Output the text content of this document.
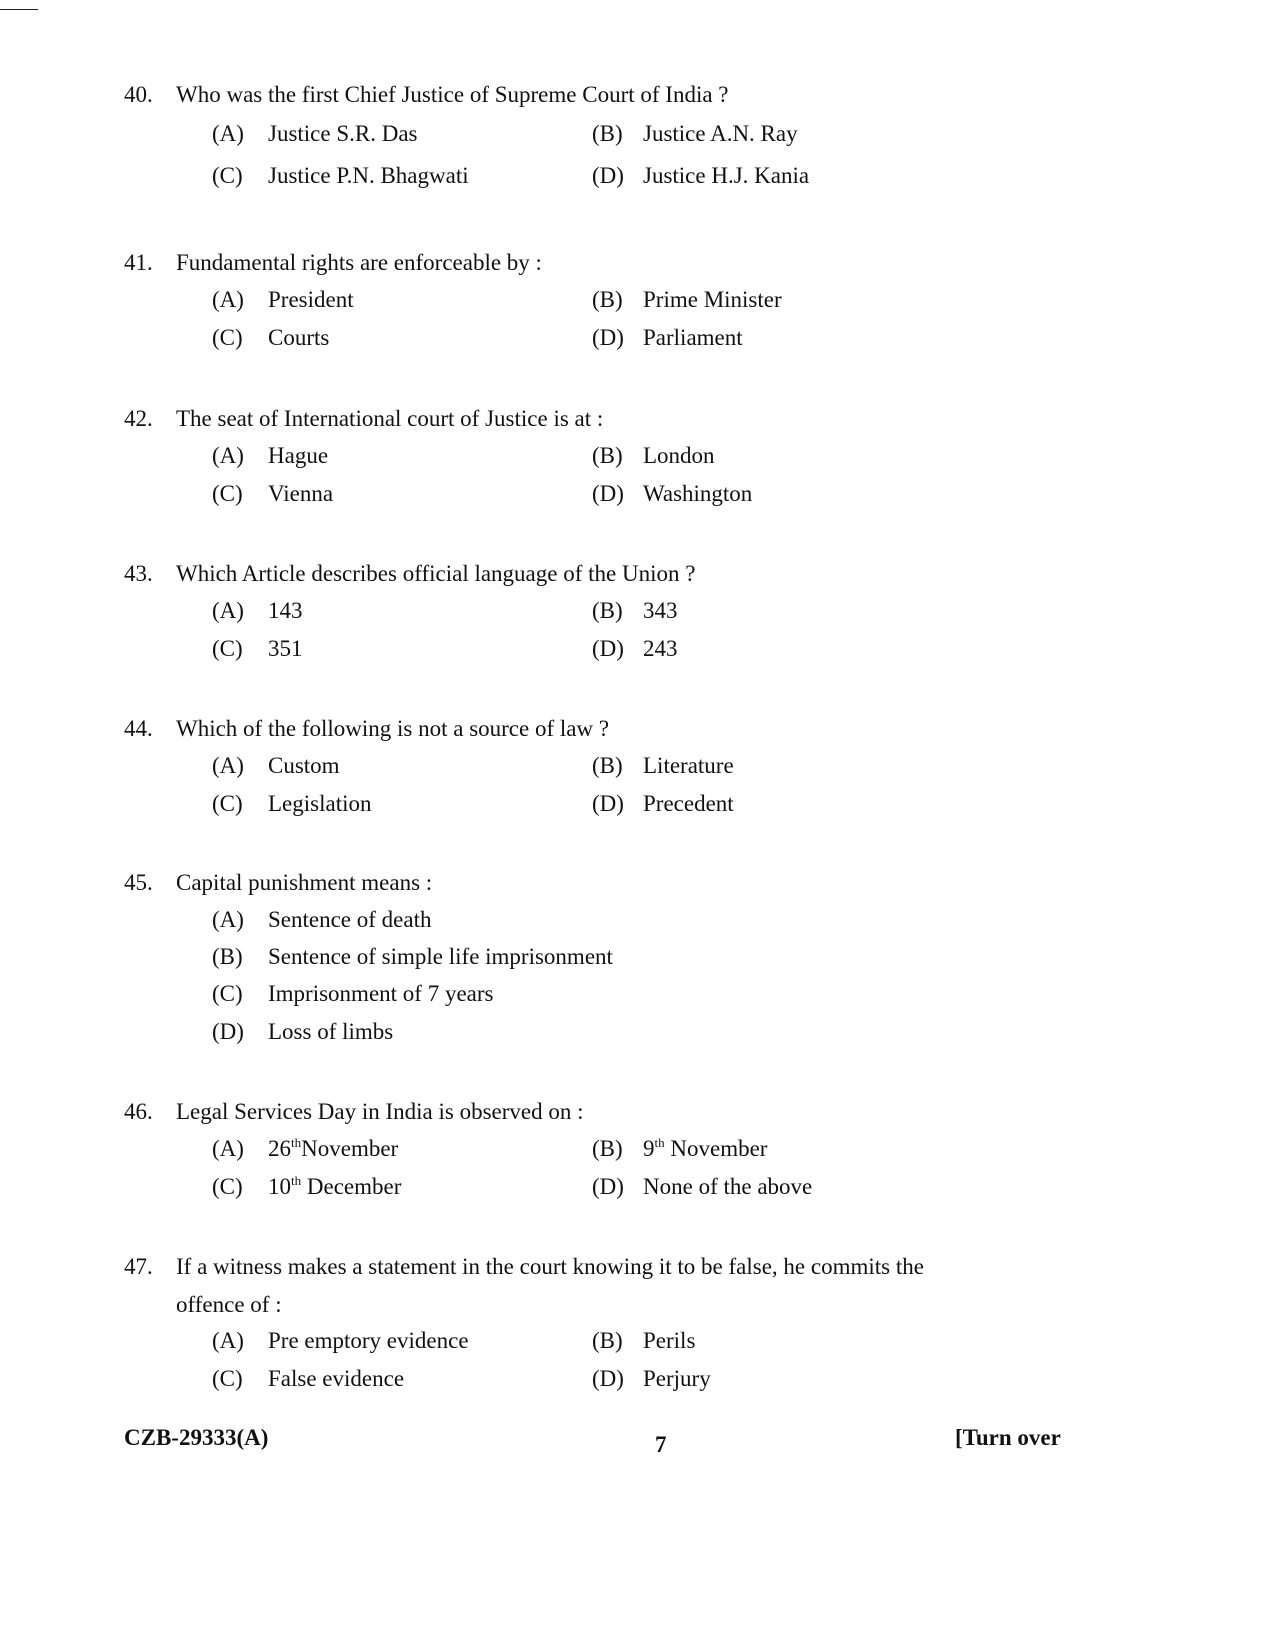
40. Who was the first Chief Justice of Supreme Court of India ?
(A) Justice S.R. Das	(B) Justice A.N. Ray
(C) Justice P.N. Bhagwati	(D) Justice H.J. Kania
41. Fundamental rights are enforceable by :
(A) President	(B) Prime Minister
(C) Courts	(D) Parliament
42. The seat of International court of Justice is at :
(A) Hague	(B) London
(C) Vienna	(D) Washington
43. Which Article describes official language of the Union ?
(A) 143	(B) 343
(C) 351	(D) 243
44. Which of the following is not a source of law ?
(A) Custom	(B) Literature
(C) Legislation	(D) Precedent
45. Capital punishment means :
(A) Sentence of death
(B) Sentence of simple life imprisonment
(C) Imprisonment of 7 years
(D) Loss of limbs
46. Legal Services Day in India is observed on :
(A) 26thNovember	(B) 9th November
(C) 10th December	(D) None of the above
47. If a witness makes a statement in the court knowing it to be false, he commits the
offence of :
(A) Pre emptory evidence	(B) Perils
(C) False evidence	(D) Perjury
CZB-29333(A)	7	[Turn over
